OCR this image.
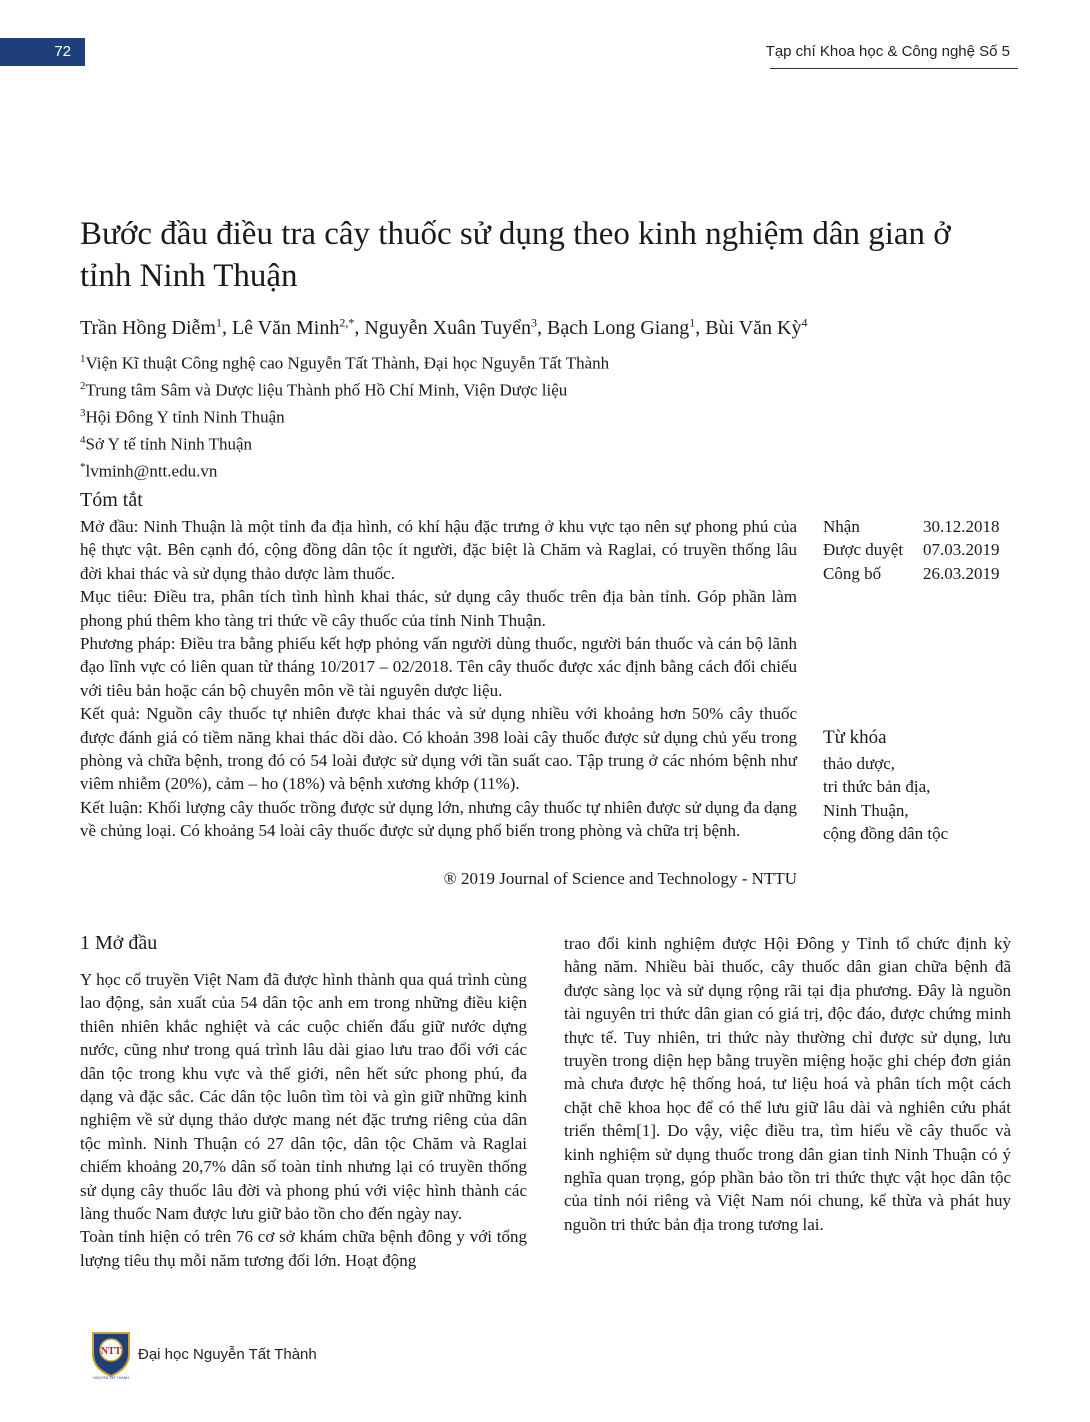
72	Tạp chí Khoa học & Công nghệ Số 5
Bước đầu điều tra cây thuốc sử dụng theo kinh nghiệm dân gian ở tỉnh Ninh Thuận
Trần Hồng Diễm$^1$, Lê Văn Minh$^{2,*}$, Nguyễn Xuân Tuyển$^3$, Bạch Long Giang$^1$, Bùi Văn Kỳ$^4$
$^1$Viện Kĩ thuật Công nghệ cao Nguyễn Tất Thành, Đại học Nguyễn Tất Thành
$^2$Trung tâm Sâm và Dược liệu Thành phố Hồ Chí Minh, Viện Dược liệu
$^3$Hội Đông Y tỉnh Ninh Thuận
$^4$Sở Y tế tỉnh Ninh Thuận
*lvminh@ntt.edu.vn
Tóm tắt

Mở đầu: Ninh Thuận là một tỉnh đa địa hình, có khí hậu đặc trưng ở khu vực tạo nên sự phong phú của hệ thực vật. Bên cạnh đó, cộng đồng dân tộc ít người, đặc biệt là Chăm và Raglai, có truyền thống lâu đời khai thác và sử dụng thảo dược làm thuốc.

Mục tiêu: Điều tra, phân tích tình hình khai thác, sử dụng cây thuốc trên địa bàn tỉnh. Góp phần làm phong phú thêm kho tàng tri thức về cây thuốc của tỉnh Ninh Thuận.

Phương pháp: Điều tra bằng phiếu kết hợp phỏng vấn người dùng thuốc, người bán thuốc và cán bộ lãnh đạo lĩnh vực có liên quan từ tháng 10/2017 – 02/2018. Tên cây thuốc được xác định bằng cách đối chiếu với tiêu bản hoặc cán bộ chuyên môn về tài nguyên dược liệu.

Kết quả: Nguồn cây thuốc tự nhiên được khai thác và sử dụng nhiều với khoảng hơn 50% cây thuốc được đánh giá có tiềm năng khai thác dồi dào. Có khoản 398 loài cây thuốc được sử dụng chủ yếu trong phòng và chữa bệnh, trong đó có 54 loài được sử dụng với tần suất cao. Tập trung ở các nhóm bệnh như viêm nhiễm (20%), cảm – ho (18%) và bệnh xương khớp (11%).

Kết luận: Khối lượng cây thuốc trồng được sử dụng lớn, nhưng cây thuốc tự nhiên được sử dụng đa dạng về chủng loại. Có khoảng 54 loài cây thuốc được sử dụng phổ biến trong phòng và chữa trị bệnh.

® 2019 Journal of Science and Technology - NTTU
Nhận	30.12.2018
Được duyệt	07.03.2019
Công bố	26.03.2019
Từ khóa
thảo dược,
tri thức bản địa,
Ninh Thuận,
cộng đồng dân tộc
1 Mở đầu

Y học cổ truyền Việt Nam đã được hình thành qua quá trình cùng lao động, sản xuất của 54 dân tộc anh em trong những điều kiện thiên nhiên khắc nghiệt và các cuộc chiến đấu giữ nước dựng nước, cũng như trong quá trình lâu dài giao lưu trao đổi với các dân tộc trong khu vực và thế giới, nên hết sức phong phú, đa dạng và đặc sắc. Các dân tộc luôn tìm tòi và gìn giữ những kinh nghiệm về sử dụng thảo dược mang nét đặc trưng riêng của dân tộc mình. Ninh Thuận có 27 dân tộc, dân tộc Chăm và Raglai chiếm khoảng 20,7% dân số toàn tỉnh nhưng lại có truyền thống sử dụng cây thuốc lâu đời và phong phú với việc hình thành các làng thuốc Nam được lưu giữ bảo tồn cho đến ngày nay.

Toàn tỉnh hiện có trên 76 cơ sở khám chữa bệnh đông y với tổng lượng tiêu thụ mỗi năm tương đối lớn. Hoạt động

trao đổi kinh nghiệm được Hội Đông y Tỉnh tổ chức định kỳ hằng năm. Nhiều bài thuốc, cây thuốc dân gian chữa bệnh đã được sàng lọc và sử dụng rộng rãi tại địa phương. Đây là nguồn tài nguyên tri thức dân gian có giá trị, độc đáo, được chứng minh thực tế. Tuy nhiên, tri thức này thường chỉ được sử dụng, lưu truyền trong diện hẹp bằng truyền miệng hoặc ghi chép đơn giản mà chưa được hệ thống hoá, tư liệu hoá và phân tích một cách chặt chẽ khoa học để có thể lưu giữ lâu dài và nghiên cứu phát triển thêm[1]. Do vậy, việc điều tra, tìm hiểu về cây thuốc và kinh nghiệm sử dụng thuốc trong dân gian tỉnh Ninh Thuận có ý nghĩa quan trọng, góp phần bảo tồn tri thức thực vật học dân tộc của tỉnh nói riêng và Việt Nam nói chung, kế thừa và phát huy nguồn tri thức bản địa trong tương lai.

NTT
NGUYEN TAT THANH
Đại học Nguyễn Tất Thành
